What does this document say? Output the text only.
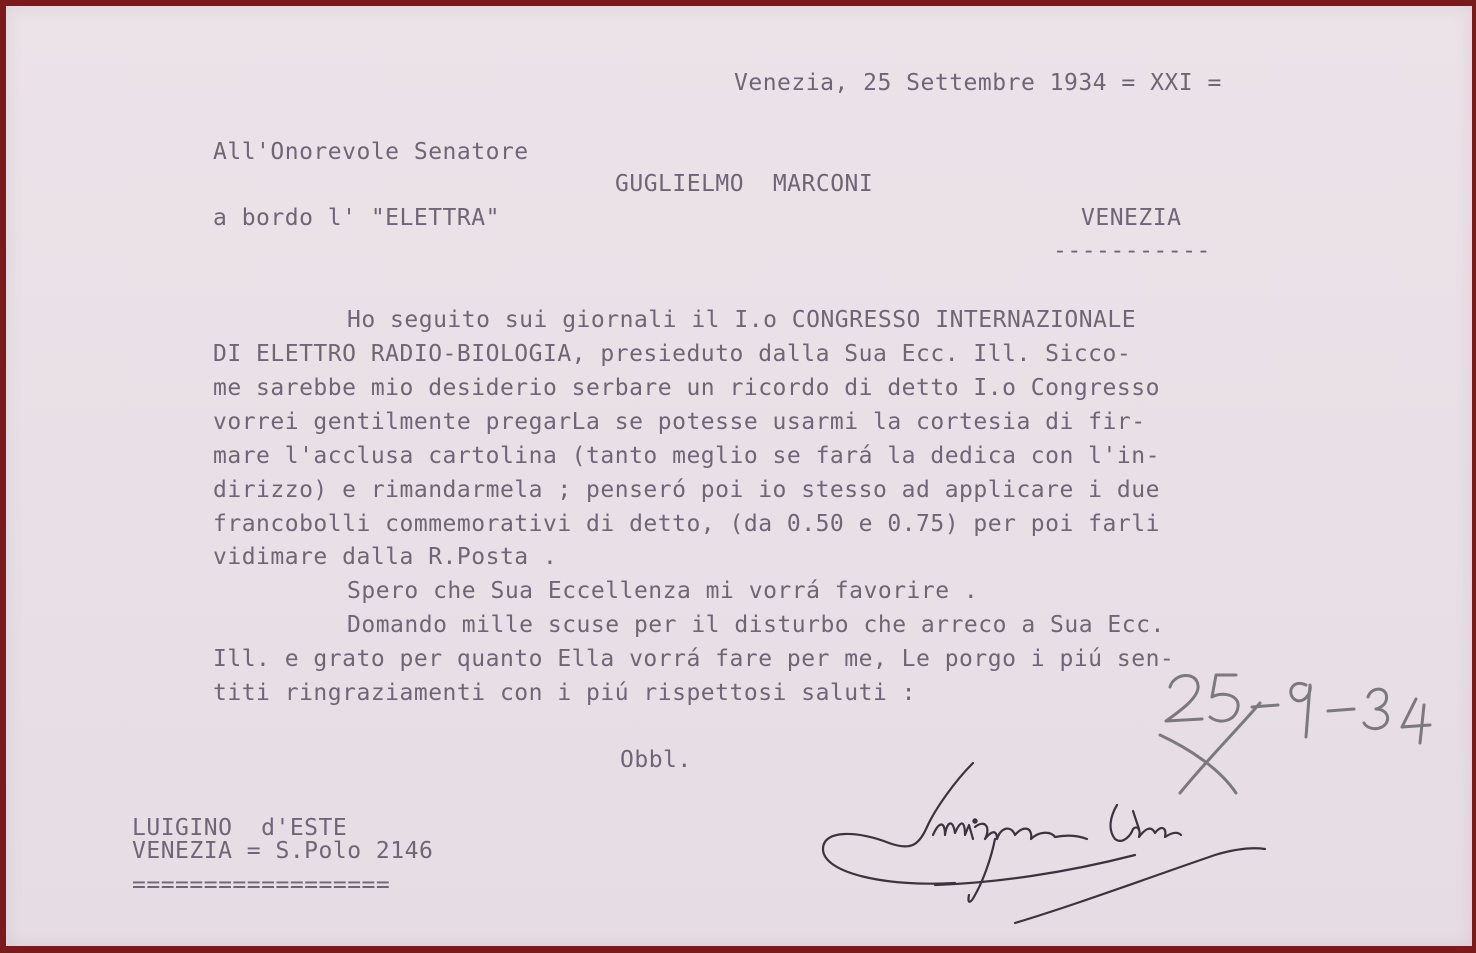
Venezia, 25 Settembre 1934 = XXI =
All'Onorevole Senatore
GUGLIELMO  MARCONI
a bordo l' "ELETTRA"	VENEZIA
-----------
Ho seguito sui giornali il I.o CONGRESSO INTERNAZIONALE
DI ELETTRO RADIO-BIOLOGIA, presieduto dalla Sua Ecc. Ill. Sicco-
me sarebbe mio desiderio serbare un ricordo di detto I.o Congresso
vorrei gentilmente pregarLa se potesse usarmi la cortesia di fir-
mare l'acclusa cartolina (tanto meglio se fará la dedica con l'in-
dirizzo) e rimandarmela ; penseró poi io stesso ad applicare i due
francobolli commemorativi di detto, (da 0.50 e 0.75) per poi farli
vidimare dalla R.Posta .
Spero che Sua Eccellenza mi vorrá favorire .
Domando mille scuse per il disturbo che arreco a Sua Ecc.
Ill. e grato per quanto Ella vorrá fare per me, Le porgo i piú sen-
titi ringraziamenti con i piú rispettosi saluti :
Obbl.
LUIGINO  d'ESTE
VENEZIA = S.Polo 2146
==================
